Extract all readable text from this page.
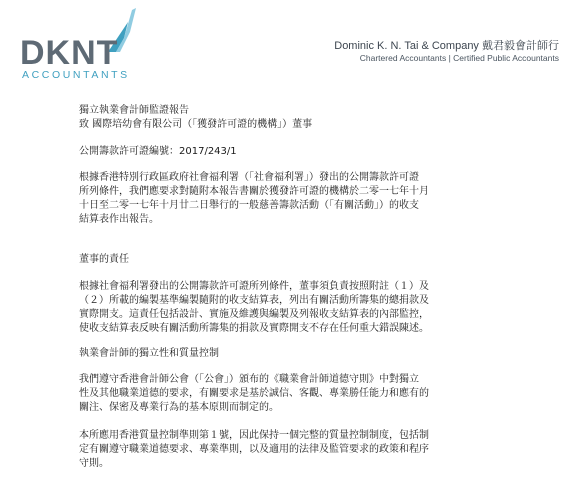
DKNT
ACCOUNTANTS
Dominic K. N. Tai & Company 戴君毅會計師行
Chartered Accountants | Certified Public Accountants
獨立執業會計師監證報告
致 國際培幼會有限公司（「獲發許可證的機構」）董事
公開籌款許可證編號：2017/243/1

根據香港特別行政區政府社會福利署（「社會福利署」）發出的公開籌款許可證

所列條件，我們應要求對隨附本報告書關於獲發許可證的機構於二零一七年十月

十日至二零一七年十月廿二日舉行的一般慈善籌款活動（「有關活動」）的收支

結算表作出報告。

董事的責任

根據社會福利署發出的公開籌款許可證所列條件，董事須負責按照附註（１）及

（２）所載的編製基準編製隨附的收支結算表，列出有關活動所籌集的總捐款及

實際開支。這責任包括設計、實施及維護與編製及列報收支結算表的內部監控，

使收支結算表反映有關活動所籌集的捐款及實際開支不存在任何重大錯誤陳述。

執業會計師的獨立性和質量控制

我們遵守香港會計師公會（「公會」）頒布的《職業會計師道德守則》中對獨立

性及其他職業道德的要求，有關要求是基於誠信、客觀、專業勝任能力和應有的

關注、保密及專業行為的基本原則而制定的。

本所應用香港質量控制準則第１號，因此保持一個完整的質量控制制度，包括制

定有關遵守職業道德要求、專業準則，以及適用的法律及監管要求的政策和程序

守則。
